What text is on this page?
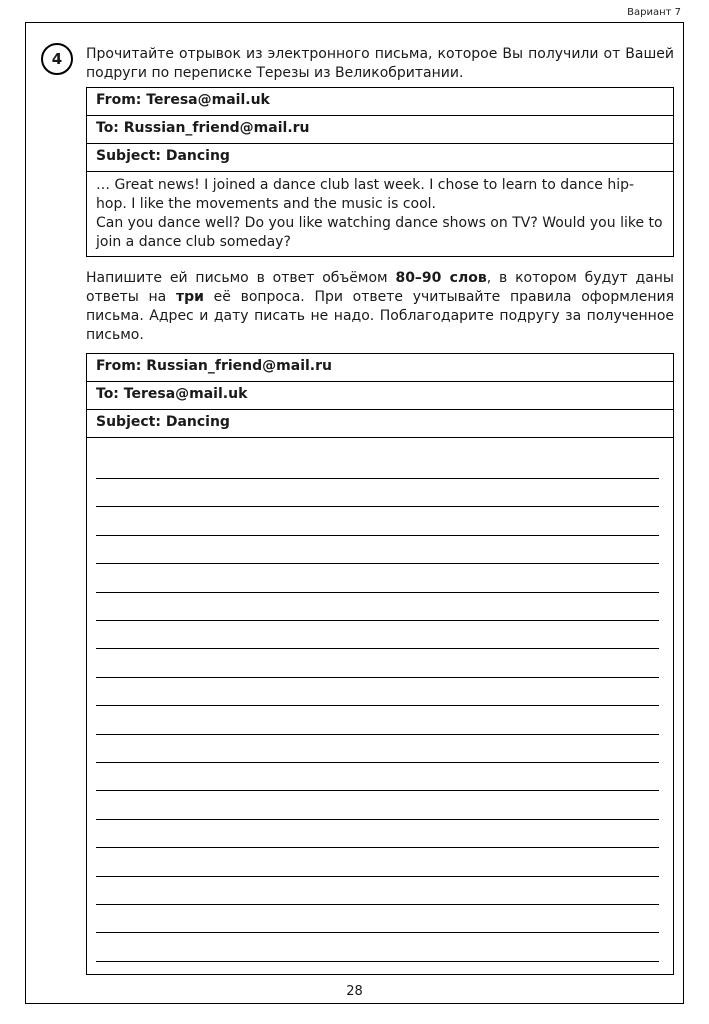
Вариант 7
4	Прочитайте отрывок из электронного письма, которое Вы получили от Вашей подруги по переписке Терезы из Великобритании.

From: Teresa@mail.uk
To: Russian_friend@mail.ru
Subject: Dancing

… Great news! I joined a dance club last week. I chose to learn to dance hip-hop. I like the movements and the music is cool.

Can you dance well? Do you like watching dance shows on TV? Would you like to join a dance club someday?

Напишите ей письмо в ответ объёмом 80–90 слов, в котором будут даны ответы на три её вопроса. При ответе учитывайте правила оформления письма. Адрес и дату писать не надо. Поблагодарите подругу за полученное письмо.

From: Russian_friend@mail.ru
To: Teresa@mail.uk
Subject: Dancing
28
